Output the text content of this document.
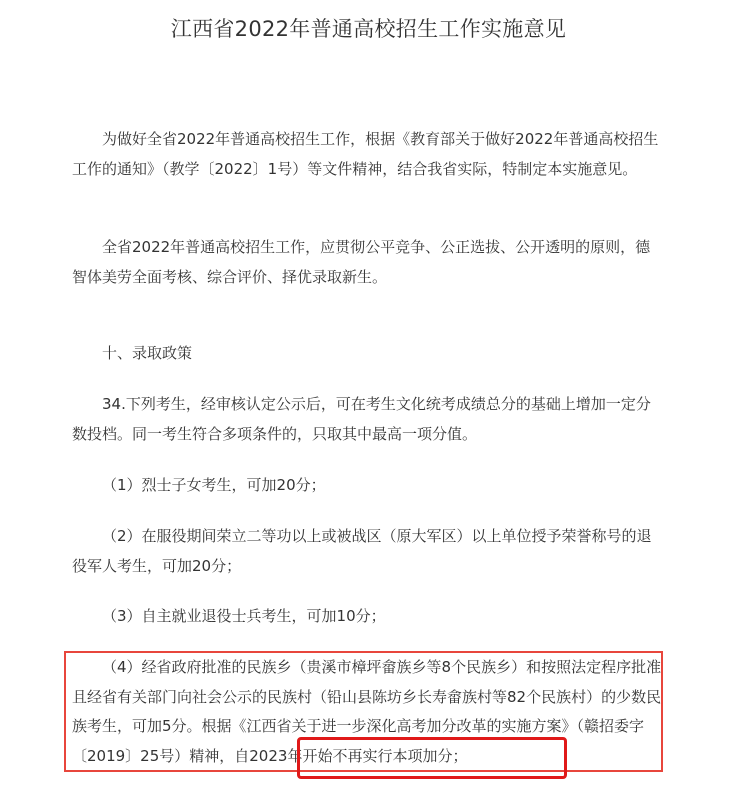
江西省2022年普通高校招生工作实施意见

为做好全省2022年普通高校招生工作，根据《教育部关于做好2022年普通高校招生工作的通知》（教学〔2022〕1号）等文件精神，结合我省实际，特制定本实施意见。

全省2022年普通高校招生工作，应贯彻公平竞争、公正选拔、公开透明的原则，德智体美劳全面考核、综合评价、择优录取新生。

十、录取政策

34.下列考生，经审核认定公示后，可在考生文化统考成绩总分的基础上增加一定分数投档。同一考生符合多项条件的，只取其中最高一项分值。

（1）烈士子女考生，可加20分；

（2）在服役期间荣立二等功以上或被战区（原大军区）以上单位授予荣誉称号的退役军人考生，可加20分；

（3）自主就业退役士兵考生，可加10分；

（4）经省政府批准的民族乡（贵溪市樟坪畲族乡等8个民族乡）和按照法定程序批准且经省有关部门向社会公示的民族村（铅山县陈坊乡长寿畲族村等82个民族村）的少数民族考生，可加5分。根据《江西省关于进一步深化高考加分改革的实施方案》（赣招委字〔2019〕25号）精神，自2023年开始不再实行本项加分；
